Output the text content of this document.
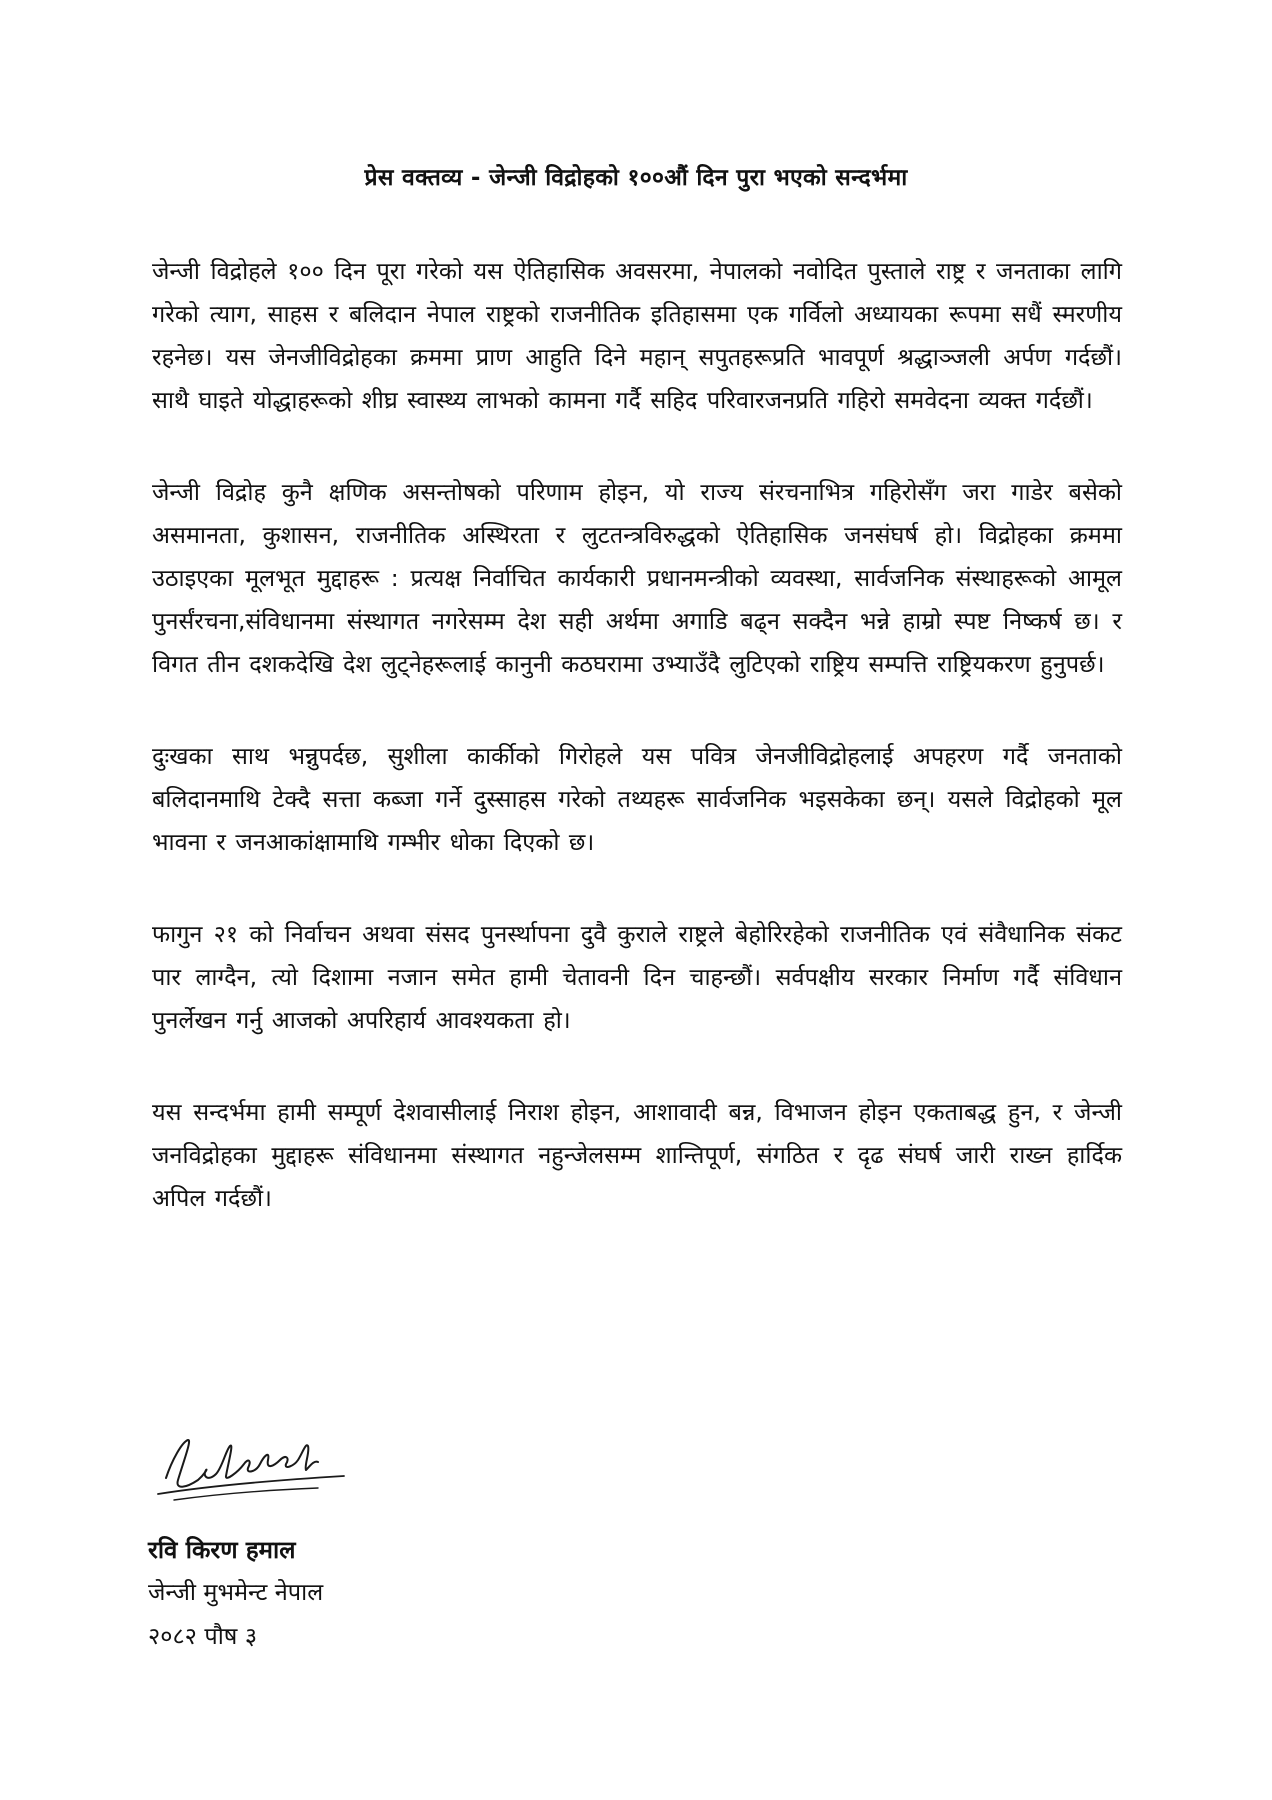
प्रेस वक्तव्य - जेन्जी विद्रोहको १००औं दिन पुरा भएको सन्दर्भमा

जेन्जी विद्रोहले १०० दिन पूरा गरेको यस ऐतिहासिक अवसरमा, नेपालको नवोदित पुस्ताले राष्ट्र र जनताका लागि गरेको त्याग, साहस र बलिदान नेपाल राष्ट्रको राजनीतिक इतिहासमा एक गर्विलो अध्यायका रूपमा सधैं स्मरणीय रहनेछ। यस जेनजीविद्रोहका क्रममा प्राण आहुति दिने महान् सपुतहरूप्रति भावपूर्ण श्रद्धाञ्जली अर्पण गर्दछौं। साथै घाइते योद्धाहरूको शीघ्र स्वास्थ्य लाभको कामना गर्दै सहिद परिवारजनप्रति गहिरो समवेदना व्यक्त गर्दछौं।

जेन्जी विद्रोह कुनै क्षणिक असन्तोषको परिणाम होइन, यो राज्य संरचनाभित्र गहिरोसँग जरा गाडेर बसेको असमानता, कुशासन, राजनीतिक अस्थिरता र लुटतन्त्रविरुद्धको ऐतिहासिक जनसंघर्ष हो। विद्रोहका क्रममा उठाइएका मूलभूत मुद्दाहरू : प्रत्यक्ष निर्वाचित कार्यकारी प्रधानमन्त्रीको व्यवस्था, सार्वजनिक संस्थाहरूको आमूल पुनर्संरचना,संविधानमा संस्थागत नगरेसम्म देश सही अर्थमा अगाडि बढ्न सक्दैन भन्ने हाम्रो स्पष्ट निष्कर्ष छ। र विगत तीन दशकदेखि देश लुट्नेहरूलाई कानुनी कठघरामा उभ्याउँदै लुटिएको राष्ट्रिय सम्पत्ति राष्ट्रियकरण हुनुपर्छ।

दुःखका साथ भन्नुपर्दछ, सुशीला कार्कीको गिरोहले यस पवित्र जेनजीविद्रोहलाई अपहरण गर्दै जनताको बलिदानमाथि टेक्दै सत्ता कब्जा गर्ने दुस्साहस गरेको तथ्यहरू सार्वजनिक भइसकेका छन्। यसले विद्रोहको मूल भावना र जनआकांक्षामाथि गम्भीर धोका दिएको छ।

फागुन २१ को निर्वाचन अथवा संसद पुनर्स्थापना दुवै कुराले राष्ट्रले बेहोरिरहेको राजनीतिक एवं संवैधानिक संकट पार लाग्दैन, त्यो दिशामा नजान समेत हामी चेतावनी दिन चाहन्छौं। सर्वपक्षीय सरकार निर्माण गर्दै संविधान पुनर्लेखन गर्नु आजको अपरिहार्य आवश्यकता हो।

यस सन्दर्भमा हामी सम्पूर्ण देशवासीलाई निराश होइन, आशावादी बन्न, विभाजन होइन एकताबद्ध हुन, र जेन्जी जनविद्रोहका मुद्दाहरू संविधानमा संस्थागत नहुन्जेलसम्म शान्तिपूर्ण, संगठित र दृढ संघर्ष जारी राख्न हार्दिक अपिल गर्दछौं।

रवि किरण हमाल
जेन्जी मुभमेन्ट नेपाल
२०८२ पौष ३
